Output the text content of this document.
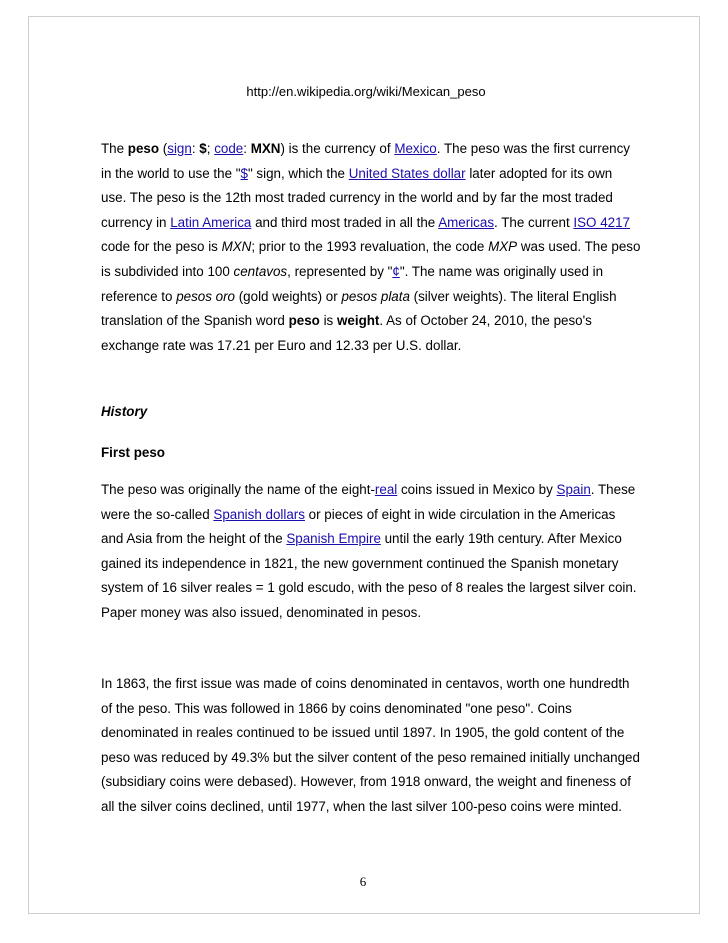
http://en.wikipedia.org/wiki/Mexican_peso

The peso (sign: $; code: MXN) is the currency of Mexico. The peso was the first currency in the world to use the "$" sign, which the United States dollar later adopted for its own use. The peso is the 12th most traded currency in the world and by far the most traded currency in Latin America and third most traded in all the Americas. The current ISO 4217 code for the peso is MXN; prior to the 1993 revaluation, the code MXP was used. The peso is subdivided into 100 centavos, represented by "¢". The name was originally used in reference to pesos oro (gold weights) or pesos plata (silver weights). The literal English translation of the Spanish word peso is weight. As of October 24, 2010, the peso's exchange rate was 17.21 per Euro and 12.33 per U.S. dollar.

History

First peso

The peso was originally the name of the eight-real coins issued in Mexico by Spain. These were the so-called Spanish dollars or pieces of eight in wide circulation in the Americas and Asia from the height of the Spanish Empire until the early 19th century. After Mexico gained its independence in 1821, the new government continued the Spanish monetary system of 16 silver reales = 1 gold escudo, with the peso of 8 reales the largest silver coin. Paper money was also issued, denominated in pesos.

In 1863, the first issue was made of coins denominated in centavos, worth one hundredth of the peso. This was followed in 1866 by coins denominated "one peso". Coins denominated in reales continued to be issued until 1897. In 1905, the gold content of the peso was reduced by 49.3% but the silver content of the peso remained initially unchanged (subsidiary coins were debased). However, from 1918 onward, the weight and fineness of all the silver coins declined, until 1977, when the last silver 100-peso coins were minted.

6
